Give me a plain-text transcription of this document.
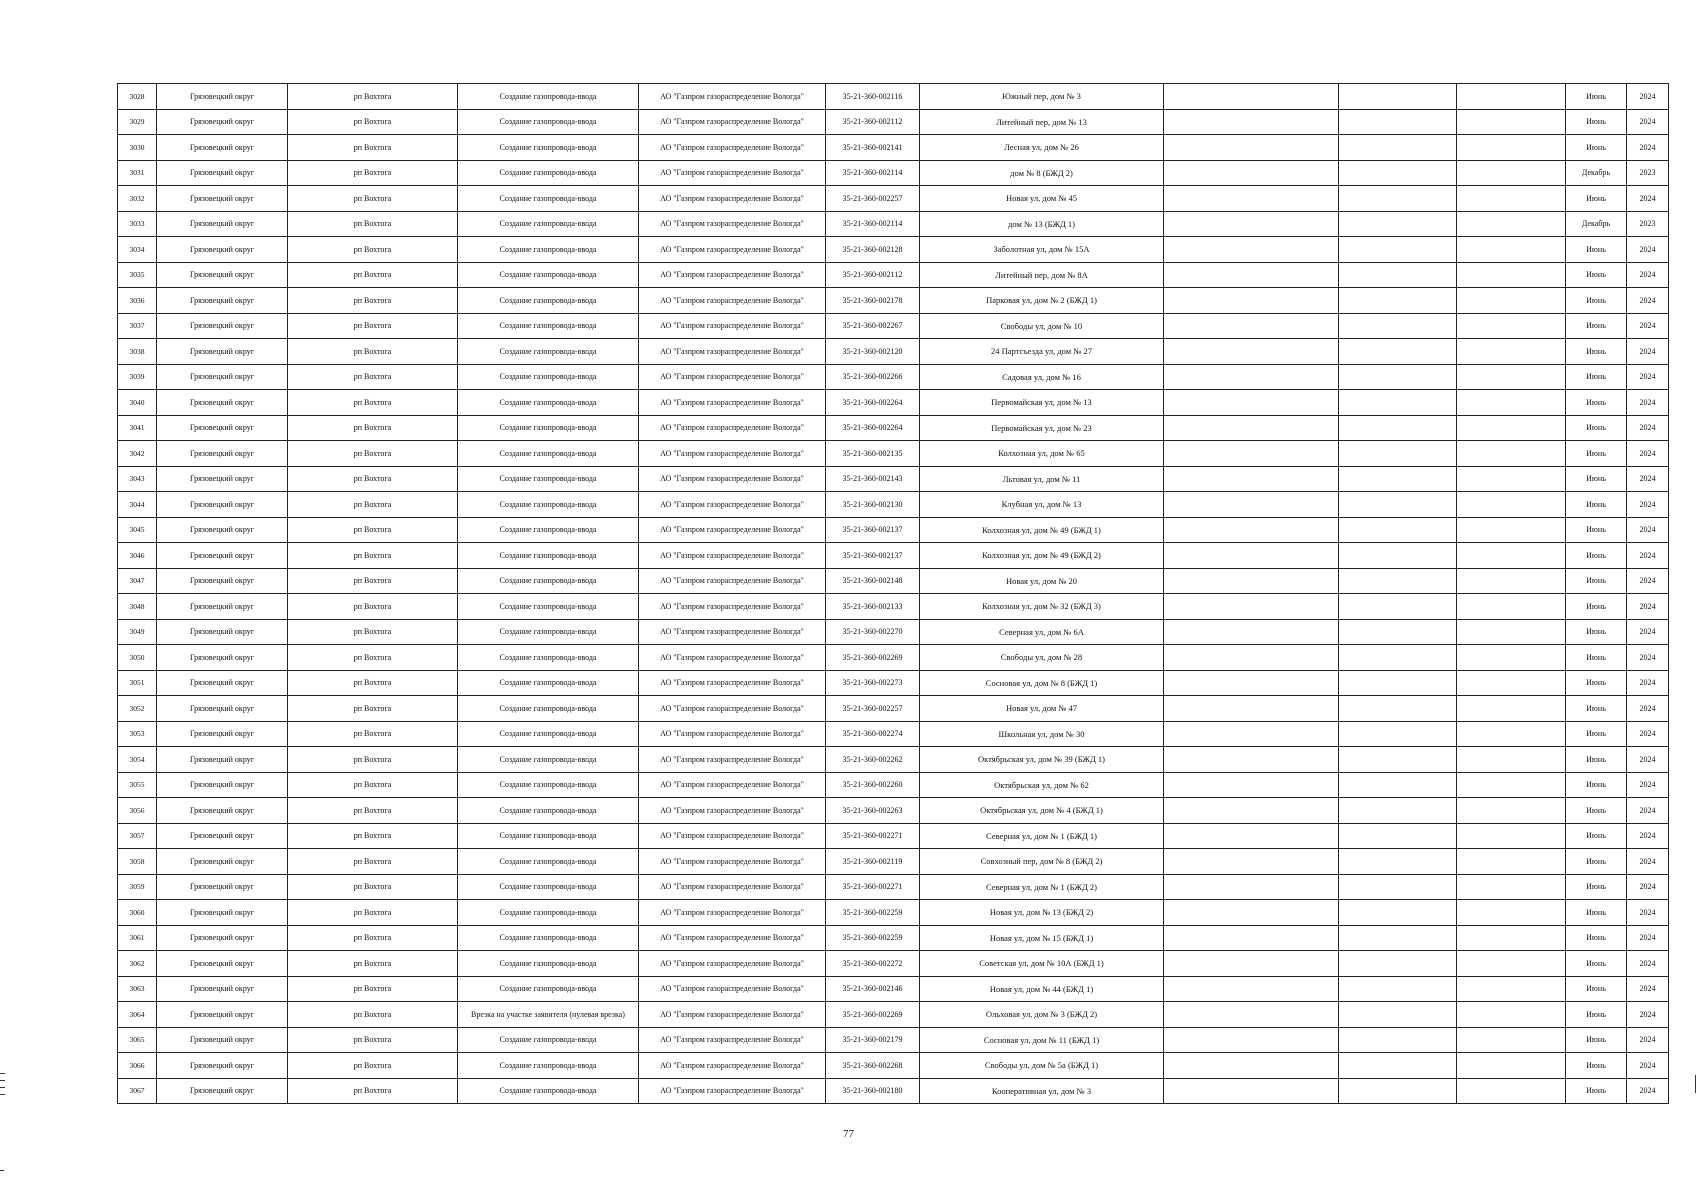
3028	Грязовецкий округ	рп Вохтога	Создание газопровода-ввода	АО "Газпром газораспределение Вологда"	35-21-360-002116	Южный пер, дом № 3				Июнь	2024
3029	Грязовецкий округ	рп Вохтога	Создание газопровода-ввода	АО "Газпром газораспределение Вологда"	35-21-360-002112	Литейный пер, дом № 13				Июнь	2024
3030	Грязовецкий округ	рп Вохтога	Создание газопровода-ввода	АО "Газпром газораспределение Вологда"	35-21-360-002141	Лесная ул, дом № 26				Июнь	2024
3031	Грязовецкий округ	рп Вохтога	Создание газопровода-ввода	АО "Газпром газораспределение Вологда"	35-21-360-002114	дом № 8 (БЖД 2)				Декабрь	2023
3032	Грязовецкий округ	рп Вохтога	Создание газопровода-ввода	АО "Газпром газораспределение Вологда"	35-21-360-002257	Новая ул, дом № 45				Июнь	2024
3033	Грязовецкий округ	рп Вохтога	Создание газопровода-ввода	АО "Газпром газораспределение Вологда"	35-21-360-002114	дом № 13 (БЖД 1)				Декабрь	2023
3034	Грязовецкий округ	рп Вохтога	Создание газопровода-ввода	АО "Газпром газораспределение Вологда"	35-21-360-002128	Заболотная ул, дом № 15А				Июнь	2024
3035	Грязовецкий округ	рп Вохтога	Создание газопровода-ввода	АО "Газпром газораспределение Вологда"	35-21-360-002112	Литейный пер, дом № 8А				Июнь	2024
3036	Грязовецкий округ	рп Вохтога	Создание газопровода-ввода	АО "Газпром газораспределение Вологда"	35-21-360-002178	Парковая ул, дом № 2 (БЖД 1)				Июнь	2024
3037	Грязовецкий округ	рп Вохтога	Создание газопровода-ввода	АО "Газпром газораспределение Вологда"	35-21-360-002267	Свободы ул, дом № 10				Июнь	2024
3038	Грязовецкий округ	рп Вохтога	Создание газопровода-ввода	АО "Газпром газораспределение Вологда"	35-21-360-002120	24 Партсъезда ул, дом № 27				Июнь	2024
3039	Грязовецкий округ	рп Вохтога	Создание газопровода-ввода	АО "Газпром газораспределение Вологда"	35-21-360-002266	Садовая ул, дом № 16				Июнь	2024
3040	Грязовецкий округ	рп Вохтога	Создание газопровода-ввода	АО "Газпром газораспределение Вологда"	35-21-360-002264	Первомайская ул, дом № 13				Июнь	2024
3041	Грязовецкий округ	рп Вохтога	Создание газопровода-ввода	АО "Газпром газораспределение Вологда"	35-21-360-002264	Первомайская ул, дом № 23				Июнь	2024
3042	Грязовецкий округ	рп Вохтога	Создание газопровода-ввода	АО "Газпром газораспределение Вологда"	35-21-360-002135	Колхозная ул, дом № 65				Июнь	2024
3043	Грязовецкий округ	рп Вохтога	Создание газопровода-ввода	АО "Газпром газораспределение Вологда"	35-21-360-002143	Льтовая ул, дом № 11				Июнь	2024
3044	Грязовецкий округ	рп Вохтога	Создание газопровода-ввода	АО "Газпром газораспределение Вологда"	35-21-360-002130	Клубная ул, дом № 13				Июнь	2024
3045	Грязовецкий округ	рп Вохтога	Создание газопровода-ввода	АО "Газпром газораспределение Вологда"	35-21-360-002137	Колхозная ул, дом № 49 (БЖД 1)				Июнь	2024
3046	Грязовецкий округ	рп Вохтога	Создание газопровода-ввода	АО "Газпром газораспределение Вологда"	35-21-360-002137	Колхозная ул, дом № 49 (БЖД 2)				Июнь	2024
3047	Грязовецкий округ	рп Вохтога	Создание газопровода-ввода	АО "Газпром газораспределение Вологда"	35-21-360-002148	Новая ул, дом № 20				Июнь	2024
3048	Грязовецкий округ	рп Вохтога	Создание газопровода-ввода	АО "Газпром газораспределение Вологда"	35-21-360-002133	Колхозная ул, дом № 32 (БЖД 3)				Июнь	2024
3049	Грязовецкий округ	рп Вохтога	Создание газопровода-ввода	АО "Газпром газораспределение Вологда"	35-21-360-002270	Северная ул, дом № 6А				Июнь	2024
3050	Грязовецкий округ	рп Вохтога	Создание газопровода-ввода	АО "Газпром газораспределение Вологда"	35-21-360-002269	Свободы ул, дом № 28				Июнь	2024
3051	Грязовецкий округ	рп Вохтога	Создание газопровода-ввода	АО "Газпром газораспределение Вологда"	35-21-360-002273	Сосновая ул, дом № 8 (БЖД 1)				Июнь	2024
3052	Грязовецкий округ	рп Вохтога	Создание газопровода-ввода	АО "Газпром газораспределение Вологда"	35-21-360-002257	Новая ул, дом № 47				Июнь	2024
3053	Грязовецкий округ	рп Вохтога	Создание газопровода-ввода	АО "Газпром газораспределение Вологда"	35-21-360-002274	Школьная ул, дом № 30				Июнь	2024
3054	Грязовецкий округ	рп Вохтога	Создание газопровода-ввода	АО "Газпром газораспределение Вологда"	35-21-360-002262	Октябрьская ул, дом № 39 (БЖД 1)				Июнь	2024
3055	Грязовецкий округ	рп Вохтога	Создание газопровода-ввода	АО "Газпром газораспределение Вологда"	35-21-360-002260	Октябрьская ул, дом № 62				Июнь	2024
3056	Грязовецкий округ	рп Вохтога	Создание газопровода-ввода	АО "Газпром газораспределение Вологда"	35-21-360-002263	Октябрьская ул, дом № 4 (БЖД 1)				Июнь	2024
3057	Грязовецкий округ	рп Вохтога	Создание газопровода-ввода	АО "Газпром газораспределение Вологда"	35-21-360-002271	Северная ул, дом № 1 (БЖД 1)				Июнь	2024
3058	Грязовецкий округ	рп Вохтога	Создание газопровода-ввода	АО "Газпром газораспределение Вологда"	35-21-360-002119	Совхозный пер, дом № 8 (БЖД 2)				Июнь	2024
3059	Грязовецкий округ	рп Вохтога	Создание газопровода-ввода	АО "Газпром газораспределение Вологда"	35-21-360-002271	Северная ул, дом № 1 (БЖД 2)				Июнь	2024
3060	Грязовецкий округ	рп Вохтога	Создание газопровода-ввода	АО "Газпром газораспределение Вологда"	35-21-360-002259	Новая ул, дом № 13 (БЖД 2)				Июнь	2024
3061	Грязовецкий округ	рп Вохтога	Создание газопровода-ввода	АО "Газпром газораспределение Вологда"	35-21-360-002259	Новая ул, дом № 15 (БЖД 1)				Июнь	2024
3062	Грязовецкий округ	рп Вохтога	Создание газопровода-ввода	АО "Газпром газораспределение Вологда"	35-21-360-002272	Советская ул, дом № 10А (БЖД 1)				Июнь	2024
3063	Грязовецкий округ	рп Вохтога	Создание газопровода-ввода	АО "Газпром газораспределение Вологда"	35-21-360-002146	Новая ул, дом № 44 (БЖД 1)				Июнь	2024
3064	Грязовецкий округ	рп Вохтога	Врезка на участке заявителя (нулевая врезка)	АО "Газпром газораспределение Вологда"	35-21-360-002269	Ольховая ул, дом № 3 (БЖД 2)				Июнь	2024
3065	Грязовецкий округ	рп Вохтога	Создание газопровода-ввода	АО "Газпром газораспределение Вологда"	35-21-360-002179	Сосновая ул, дом № 11 (БЖД 1)				Июнь	2024
3066	Грязовецкий округ	рп Вохтога	Создание газопровода-ввода	АО "Газпром газораспределение Вологда"	35-21-360-002268	Свободы ул, дом № 5а (БЖД 1)				Июнь	2024
3067	Грязовецкий округ	рп Вохтога	Создание газопровода-ввода	АО "Газпром газораспределение Вологда"	35-21-360-002180	Кооперативная ул, дом № 3				Июнь	2024
77
